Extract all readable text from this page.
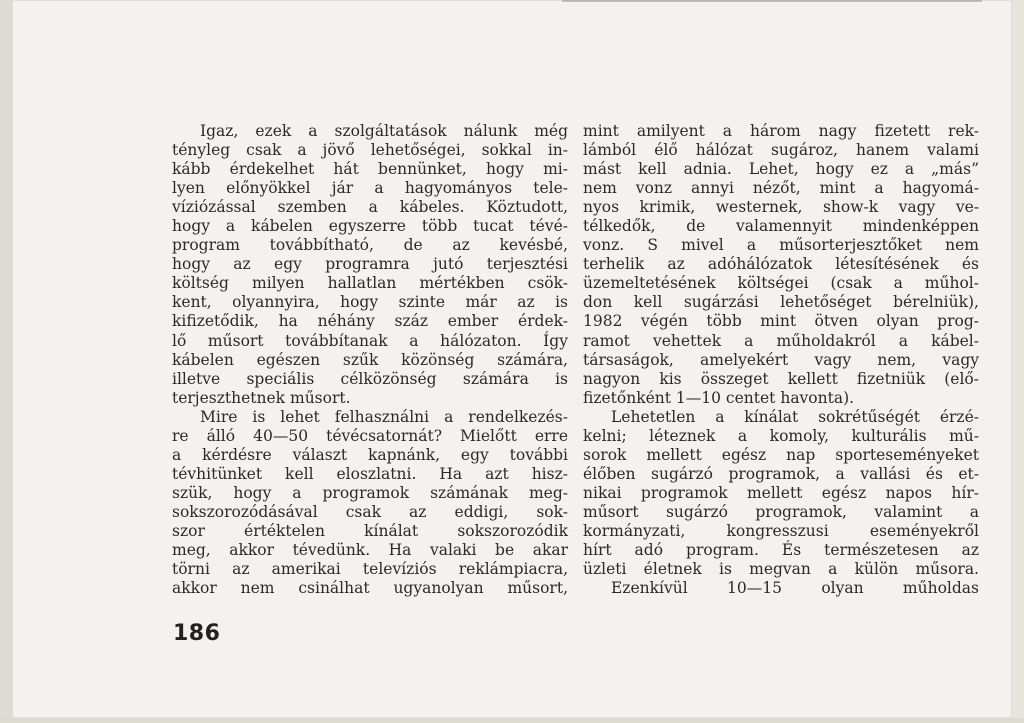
Igaz, ezek a szolgáltatások nálunk még
tényleg csak a jövő lehetőségei, sokkal in-
kább érdekelhet hát bennünket, hogy mi-
lyen előnyökkel jár a hagyományos tele-
víziózással szemben a kábeles. Köztudott,
hogy a kábelen egyszerre több tucat tévé-
program továbbítható, de az kevésbé,
hogy az egy programra jutó terjesztési
költség milyen hallatlan mértékben csök-
kent, olyannyira, hogy szinte már az is
kifizetődik, ha néhány száz ember érdek-
lő műsort továbbítanak a hálózaton. Így
kábelen egészen szűk közönség számára,
illetve speciális célközönség számára is
terjeszthetnek műsort.
Mire is lehet felhasználni a rendelkezés-
re álló 40—50 tévécsatornát? Mielőtt erre
a kérdésre választ kapnánk, egy további
tévhitünket kell eloszlatni. Ha azt hisz-
szük, hogy a programok számának meg-
sokszorozódásával csak az eddigi, sok-
szor értéktelen kínálat sokszorozódik
meg, akkor tévedünk. Ha valaki be akar
törni az amerikai televíziós reklámpiacra,
akkor nem csinálhat ugyanolyan műsort,
mint amilyent a három nagy fizetett rek-
lámból élő hálózat sugároz, hanem valami
mást kell adnia. Lehet, hogy ez a „más”
nem vonz annyi nézőt, mint a hagyomá-
nyos krimik, westernek, show-k vagy ve-
télkedők, de valamennyit mindenképpen
vonz. S mivel a műsorterjesztőket nem
terhelik az adóhálózatok létesítésének és
üzemeltetésének költségei (csak a műhol-
don kell sugárzási lehetőséget bérelniük),
1982 végén több mint ötven olyan prog-
ramot vehettek a műholdakról a kábel-
társaságok, amelyekért vagy nem, vagy
nagyon kis összeget kellett fizetniük (elő-
fizetőnként 1—10 centet havonta).
Lehetetlen a kínálat sokrétűségét érzé-
kelni; léteznek a komoly, kulturális mű-
sorok mellett egész nap sporteseményeket
élőben sugárzó programok, a vallási és et-
nikai programok mellett egész napos hír-
műsort sugárzó programok, valamint a
kormányzati, kongresszusi eseményekről
hírt adó program. És természetesen az
üzleti életnek is megvan a külön műsora.
Ezenkívül 10—15 olyan műholdas
186
